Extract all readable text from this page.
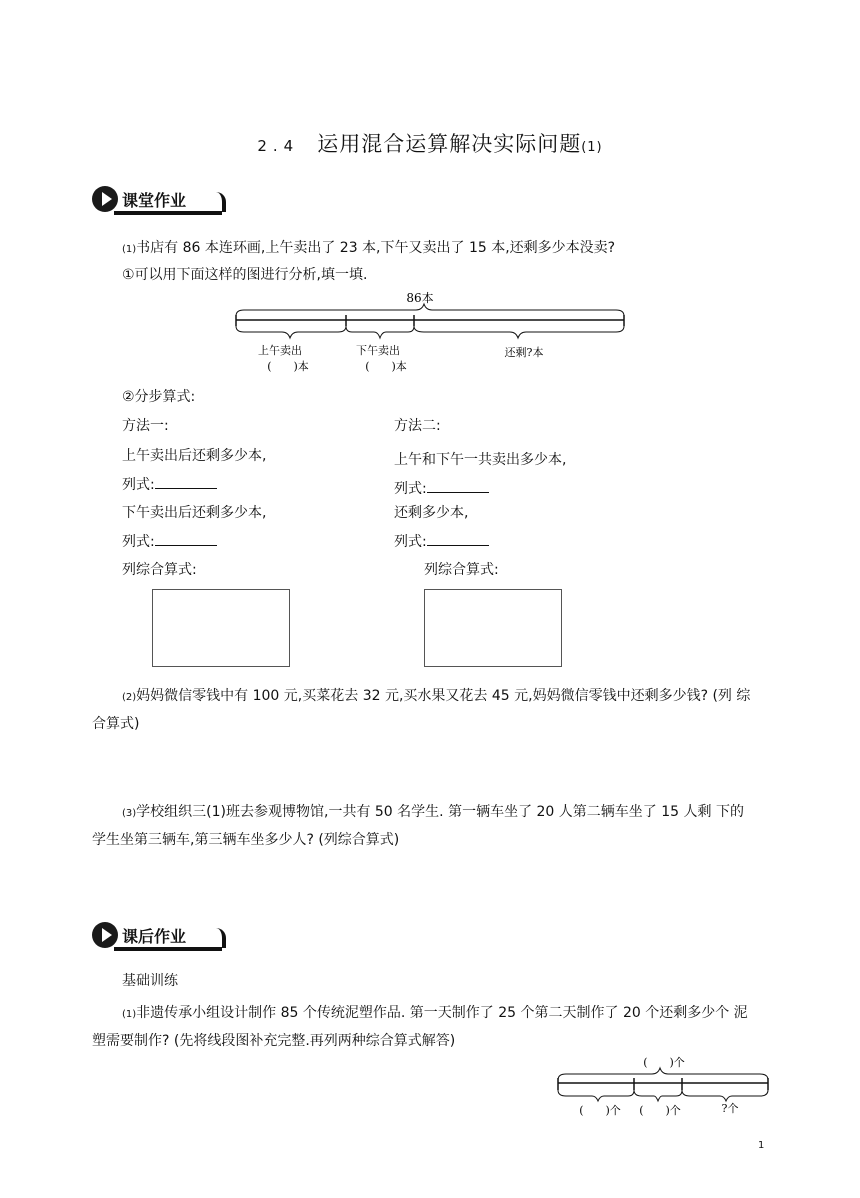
2.4 运用混合运算解决实际问题(1)
课堂作业
(1)书店有 86 本连环画,上午卖出了 23 本,下午又卖出了 15 本,还剩多少本没卖?
①可以用下面这样的图进行分析,填一填.
86本
上午卖出
(　　)本
下午卖出
(　　)本
还剩?本
②分步算式:
方法一:
上午卖出后还剩多少本,
列式:
下午卖出后还剩多少本,
列式:
列综合算式:
方法二:
上午和下午一共卖出多少本,
列式:
还剩多少本,
列式:
列综合算式:
(2)妈妈微信零钱中有 100 元,买菜花去 32 元,买水果又花去 45 元,妈妈微信零钱中还剩多少钱? (列 综
合算式)
(3)学校组织三(1)班去参观博物馆,一共有 50 名学生. 第一辆车坐了 20 人第二辆车坐了 15 人剩 下的
学生坐第三辆车,第三辆车坐多少人? (列综合算式)
课后作业
基础训练
(1)非遗传承小组设计制作 85 个传统泥塑作品. 第一天制作了 25 个第二天制作了 20 个还剩多少个 泥
塑需要制作? (先将线段图补充完整.再列两种综合算式解答)
(　　)个
(　　)个 (　　)个	?个
1
